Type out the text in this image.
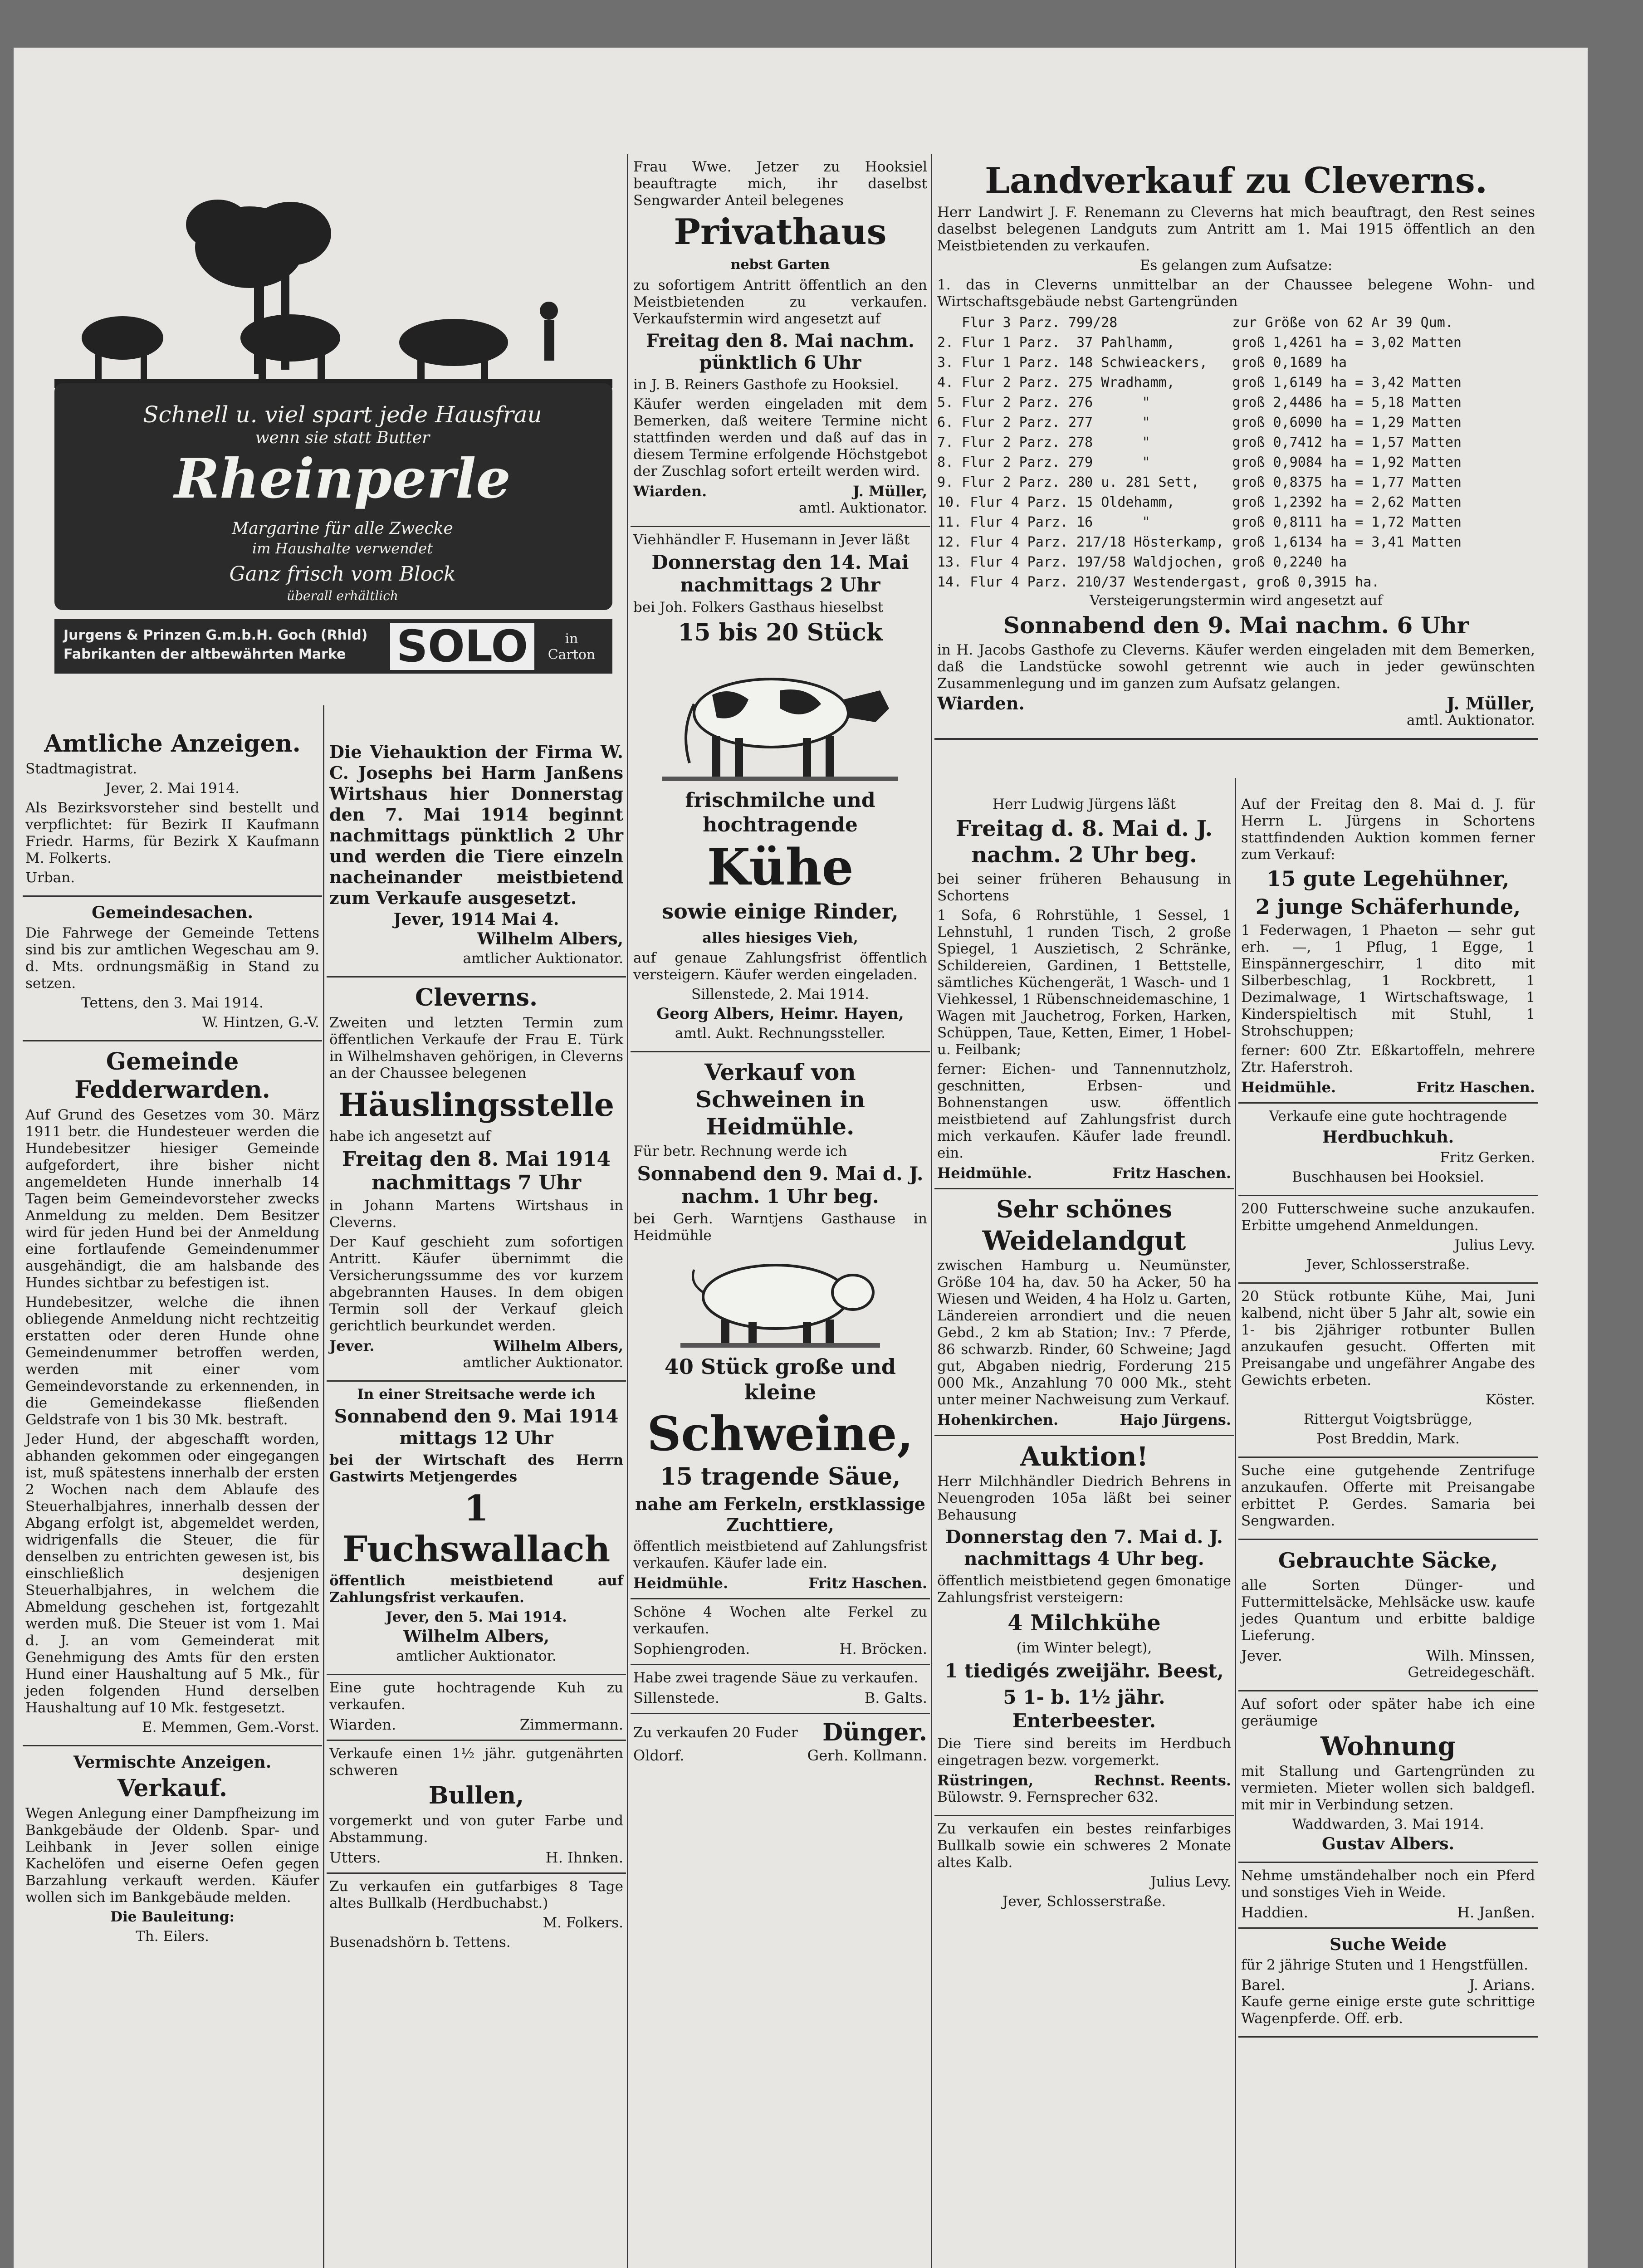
Schnell u. viel spart jede Hausfrau
wenn sie statt Butter
Rheinperle
Margarine für alle Zwecke
im Haushalte verwendet
Ganz frisch vom Block
überall erhältlich
Jurgens & Prinzen G.m.b.H. Goch (Rhld)
Fabrikanten der altbewährten Marke SOLO	in Carton
Amtliche Anzeigen.

Stadtmagistrat.

Jever, 2. Mai 1914.

Als Bezirksvorsteher sind bestellt und verpflichtet: für Bezirk II Kaufmann Friedr. Harms, für Bezirk X Kaufmann M. Folkerts.

Urban.

Gemeindesachen.

Die Fahrwege der Gemeinde Tettens sind bis zur amtlichen Wegeschau am 9. d. Mts. ordnungsmäßig in Stand zu setzen.

Tettens, den 3. Mai 1914.

W. Hintzen, G.-V.

Gemeinde Fedderwarden.

Auf Grund des Gesetzes vom 30. März 1911 betr. die Hundesteuer werden die Hundebesitzer hiesiger Gemeinde aufgefordert, ihre bisher nicht angemeldeten Hunde innerhalb 14 Tagen beim Gemeindevorsteher zwecks Anmeldung zu melden. Dem Besitzer wird für jeden Hund bei der Anmeldung eine fortlaufende Gemeindenummer ausgehändigt, die am halsbande des Hundes sichtbar zu befestigen ist.

Hundebesitzer, welche die ihnen obliegende Anmeldung nicht rechtzeitig erstatten oder deren Hunde ohne Gemeindenummer betroffen werden, werden mit einer vom Gemeindevorstande zu erkennenden, in die Gemeindekasse fließenden Geldstrafe von 1 bis 30 Mk. bestraft.

Jeder Hund, der abgeschafft worden, abhanden gekommen oder eingegangen ist, muß spätestens innerhalb der ersten 2 Wochen nach dem Ablaufe des Steuerhalbjahres, innerhalb dessen der Abgang erfolgt ist, abgemeldet werden, widrigenfalls die Steuer, die für denselben zu entrichten gewesen ist, bis einschließlich desjenigen Steuerhalbjahres, in welchem die Abmeldung geschehen ist, fortgezahlt werden muß. Die Steuer ist vom 1. Mai d. J. an vom Gemeinderat mit Genehmigung des Amts für den ersten Hund einer Haushaltung auf 5 Mk., für jeden folgenden Hund derselben Haushaltung auf 10 Mk. festgesetzt.

E. Memmen, Gem.-Vorst.

Vermischte Anzeigen.
Verkauf.

Wegen Anlegung einer Dampfheizung im Bankgebäude der Oldenb. Spar- und Leihbank in Jever sollen einige Kachelöfen und eiserne Oefen gegen Barzahlung verkauft werden. Käufer wollen sich im Bankgebäude melden.

Die Bauleitung:

Th. Eilers.

Die Viehauktion der Firma W. C. Josephs bei Harm Janßens Wirtshaus hier Donnerstag den 7. Mai 1914 beginnt nachmittags pünktlich 2 Uhr und werden die Tiere einzeln nacheinander meistbietend zum Verkaufe ausgesetzt.

Jever, 1914 Mai 4.

Wilhelm Albers,

amtlicher Auktionator.

Cleverns.

Zweiten und letzten Termin zum öffentlichen Verkaufe der Frau E. Türk in Wilhelmshaven gehörigen, in Cleverns an der Chaussee belegenen

Häuslingsstelle

habe ich angesetzt auf

Freitag den 8. Mai 1914 nachmittags 7 Uhr

in Johann Martens Wirtshaus in Cleverns.

Der Kauf geschieht zum sofortigen Antritt. Käufer übernimmt die Versicherungssumme des vor kurzem abgebrannten Hauses. In dem obigen Termin soll der Verkauf gleich gerichtlich beurkundet werden.

Jever.	Wilhelm Albers,

amtlicher Auktionator.

In einer Streitsache werde ich

Sonnabend den 9. Mai 1914 mittags 12 Uhr

bei der Wirtschaft des Herrn Gastwirts Metjengerdes

1 Fuchswallach

öffentlich meistbietend auf Zahlungsfrist verkaufen.

Jever, den 5. Mai 1914.

Wilhelm Albers,

amtlicher Auktionator.

Eine gute hochtragende Kuh zu verkaufen.

Wiarden.	Zimmermann.

Verkaufe einen 1½ jähr. gutgenährten schweren

Bullen,

vorgemerkt und von guter Farbe und Abstammung.

Utters.	H. Ihnken.

Zu verkaufen ein gutfarbiges 8 Tage altes Bullkalb (Herdbuchabst.)

M. Folkers.

Busenadshörn b. Tettens.

Frau Wwe. Jetzer zu Hooksiel beauftragte mich, ihr daselbst Sengwarder Anteil belegenes

Privathaus
nebst Garten

zu sofortigem Antritt öffentlich an den Meistbietenden zu verkaufen. Verkaufstermin wird angesetzt auf

Freitag den 8. Mai nachm. pünktlich 6 Uhr

in J. B. Reiners Gasthofe zu Hooksiel.

Käufer werden eingeladen mit dem Bemerken, daß weitere Termine nicht stattfinden werden und daß auf das in diesem Termine erfolgende Höchstgebot der Zuschlag sofort erteilt werden wird.

Wiarden.	J. Müller,

amtl. Auktionator.

Viehhändler F. Husemann in Jever läßt

Donnerstag den 14. Mai nachmittags 2 Uhr

bei Joh. Folkers Gasthaus hieselbst

15 bis 20 Stück
frischmilche und hochtragende
Kühe
sowie einige Rinder,
alles hiesiges Vieh,

auf genaue Zahlungsfrist öffentlich versteigern. Käufer werden eingeladen.

Sillenstede, 2. Mai 1914.

Georg Albers, Heimr. Hayen,

amtl. Aukt. Rechnungssteller.

Verkauf von Schweinen in Heidmühle.

Für betr. Rechnung werde ich

Sonnabend den 9. Mai d. J. nachm. 1 Uhr beg.

bei Gerh. Warntjens Gasthause in Heidmühle

40 Stück große und kleine
Schweine,
15 tragende Säue,
nahe am Ferkeln, erstklassige Zuchttiere,

öffentlich meistbietend auf Zahlungsfrist verkaufen. Käufer lade ein.

Heidmühle.	Fritz Haschen.

Schöne 4 Wochen alte Ferkel zu verkaufen.

Sophiengroden.	H. Bröcken.

Habe zwei tragende Säue zu verkaufen.

Sillenstede.	B. Galts.
Zu verkaufen 20 Fuder Dünger.
Oldorf.	Gerh. Kollmann.
Landverkauf zu Cleverns.

Herr Landwirt J. F. Renemann zu Cleverns hat mich beauftragt, den Rest seines daselbst belegenen Landguts zum Antritt am 1. Mai 1915 öffentlich an den Meistbietenden zu verkaufen.

Es gelangen zum Aufsatze:

1. das in Cleverns unmittelbar an der Chaussee belegene Wohn- und Wirtschaftsgebäude nebst Gartengründen

Flur 3 Parz. 799/28              zur Größe von 62 Ar 39 Qum.
2. Flur 1 Parz.  37 Pahlhamm,       groß 1,4261 ha = 3,02 Matten
3. Flur 1 Parz. 148 Schwieackers,   groß 0,1689 ha
4. Flur 2 Parz. 275 Wradhamm,       groß 1,6149 ha = 3,42 Matten
5. Flur 2 Parz. 276      "          groß 2,4486 ha = 5,18 Matten
6. Flur 2 Parz. 277      "          groß 0,6090 ha = 1,29 Matten
7. Flur 2 Parz. 278      "          groß 0,7412 ha = 1,57 Matten
8. Flur 2 Parz. 279      "          groß 0,9084 ha = 1,92 Matten
9. Flur 2 Parz. 280 u. 281 Sett,    groß 0,8375 ha = 1,77 Matten
10. Flur 4 Parz. 15 Oldehamm,       groß 1,2392 ha = 2,62 Matten
11. Flur 4 Parz. 16      "          groß 0,8111 ha = 1,72 Matten
12. Flur 4 Parz. 217/18 Hösterkamp, groß 1,6134 ha = 3,41 Matten
13. Flur 4 Parz. 197/58 Waldjochen, groß 0,2240 ha
14. Flur 4 Parz. 210/37 Westendergast, groß 0,3915 ha.

Versteigerungstermin wird angesetzt auf

Sonnabend den 9. Mai nachm. 6 Uhr

in H. Jacobs Gasthofe zu Cleverns. Käufer werden eingeladen mit dem Bemerken, daß die Landstücke sowohl getrennt wie auch in jeder gewünschten Zusammenlegung und im ganzen zum Aufsatz gelangen.

Wiarden.	J. Müller,

amtl. Auktionator.

Herr Ludwig Jürgens läßt

Freitag d. 8. Mai d. J. nachm. 2 Uhr beg.

bei seiner früheren Behausung in Schortens

1 Sofa, 6 Rohrstühle, 1 Sessel, 1 Lehnstuhl, 1 runden Tisch, 2 große Spiegel, 1 Auszietisch, 2 Schränke, Schildereien, Gardinen, 1 Bettstelle, sämtliches Küchengerät, 1 Wasch- und 1 Viehkessel, 1 Rübenschneidemaschine, 1 Wagen mit Jauchetrog, Forken, Harken, Schüppen, Taue, Ketten, Eimer, 1 Hobel- u. Feilbank;

ferner: Eichen- und Tannennutzholz, geschnitten, Erbsen- und Bohnenstangen usw. öffentlich meistbietend auf Zahlungsfrist durch mich verkaufen. Käufer lade freundl. ein.

Heidmühle.	Fritz Haschen.
Sehr schönes
Weidelandgut

zwischen Hamburg u. Neumünster, Größe 104 ha, dav. 50 ha Acker, 50 ha Wiesen und Weiden, 4 ha Holz u. Garten, Ländereien arrondiert und die neuen Gebd., 2 km ab Station; Inv.: 7 Pferde, 86 schwarzb. Rinder, 60 Schweine; Jagd gut, Abgaben niedrig, Forderung 215 000 Mk., Anzahlung 70 000 Mk., steht unter meiner Nachweisung zum Verkauf.

Hohenkirchen.	Hajo Jürgens.
Auktion!

Herr Milchhändler Diedrich Behrens in Neuengroden 105a läßt bei seiner Behausung

Donnerstag den 7. Mai d. J. nachmittags 4 Uhr beg.

öffentlich meistbietend gegen 6monatige Zahlungsfrist versteigern:

4 Milchkühe

(im Winter belegt),

1 tiedigés zweijähr. Beest,
5 1- b. 1½ jähr. Enterbeester.

Die Tiere sind bereits im Herdbuch eingetragen bezw. vorgemerkt.

Rüstringen,	Rechnst. Reents.

Bülowstr. 9. Fernsprecher 632.

Zu verkaufen ein bestes reinfarbiges Bullkalb sowie ein schweres 2 Monate altes Kalb.

Julius Levy.

Jever, Schlosserstraße.

Auf der Freitag den 8. Mai d. J. für Herrn L. Jürgens in Schortens stattfindenden Auktion kommen ferner zum Verkauf:

15 gute Legehühner,
2 junge Schäferhunde,

1 Federwagen, 1 Phaeton — sehr gut erh. —, 1 Pflug, 1 Egge, 1 Einspännergeschirr, 1 dito mit Silberbeschlag, 1 Rockbrett, 1 Dezimalwage, 1 Wirtschaftswage, 1 Kinderspieltisch mit Stuhl, 1 Strohschuppen;

ferner: 600 Ztr. Eßkartoffeln, mehrere Ztr. Haferstroh.

Heidmühle.	Fritz Haschen.

Verkaufe eine gute hochtragende

Herdbuchkuh.

Fritz Gerken.

Buschhausen bei Hooksiel.

200 Futterschweine suche anzukaufen. Erbitte umgehend Anmeldungen.

Julius Levy.

Jever, Schlosserstraße.

20 Stück rotbunte Kühe, Mai, Juni kalbend, nicht über 5 Jahr alt, sowie ein 1- bis 2jähriger rotbunter Bullen anzukaufen gesucht. Offerten mit Preisangabe und ungefährer Angabe des Gewichts erbeten.

Köster.

Rittergut Voigtsbrügge,

Post Breddin, Mark.

Suche eine gutgehende Zentrifuge anzukaufen. Offerte mit Preisangabe erbittet P. Gerdes. Samaria bei Sengwarden.

Gebrauchte Säcke,

alle Sorten Dünger- und Futtermittelsäcke, Mehlsäcke usw. kaufe jedes Quantum und erbitte baldige Lieferung.

Jever.	Wilh. Minssen,

Getreidegeschäft.

Auf sofort oder später habe ich eine geräumige

Wohnung

mit Stallung und Gartengründen zu vermieten. Mieter wollen sich baldgefl. mit mir in Verbindung setzen.

Waddwarden, 3. Mai 1914.

Gustav Albers.

Nehme umständehalber noch ein Pferd und sonstiges Vieh in Weide.

Haddien.	H. Janßen.
Suche Weide

für 2 jährige Stuten und 1 Hengstfüllen.

Barel.	J. Arians.

Kaufe gerne einige erste gute schrittige Wagenpferde. Off. erb.
